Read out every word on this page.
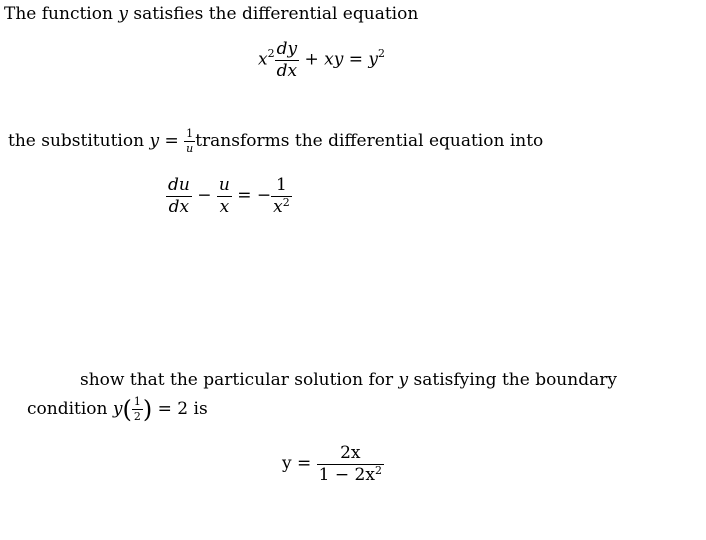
The function y satisfies the differential equation
$x^2 \frac{dy}{dx}$ + xy = $y^2$
the substitution $y = \frac{1}{u}$ transforms the differential equation into
$\frac{du}{dx} - \frac{u}{x}$ = − $\frac{1}{x^2}$
show that the particular solution for y satisfying the boundary
condition $y( \frac{1}{2}$ ) = 2 is
$y = \frac{2x}{1 - 2x^2}$
